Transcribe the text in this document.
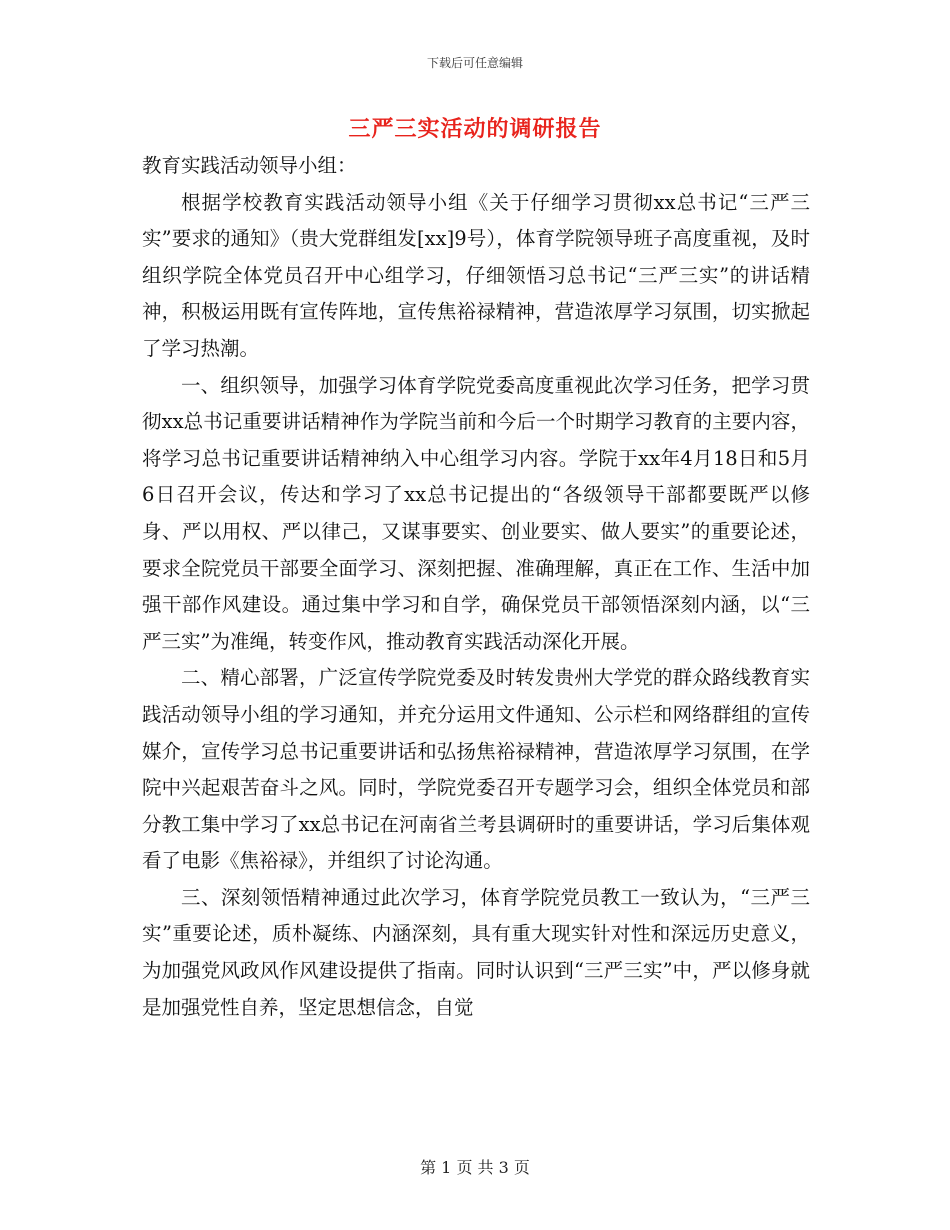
下载后可任意编辑
三严三实活动的调研报告

教育实践活动领导小组：

根据学校教育实践活动领导小组《关于仔细学习贯彻xx总书记“三严三实”要求的通知》（贵大党群组发[xx]9号），体育学院领导班子高度重视，及时组织学院全体党员召开中心组学习，仔细领悟习总书记“三严三实”的讲话精神，积极运用既有宣传阵地，宣传焦裕禄精神，营造浓厚学习氛围，切实掀起了学习热潮。

一、组织领导，加强学习体育学院党委高度重视此次学习任务，把学习贯彻xx总书记重要讲话精神作为学院当前和今后一个时期学习教育的主要内容，将学习总书记重要讲话精神纳入中心组学习内容。学院于xx年4月18日和5月6日召开会议，传达和学习了xx总书记提出的“各级领导干部都要既严以修身、严以用权、严以律己，又谋事要实、创业要实、做人要实”的重要论述，要求全院党员干部要全面学习、深刻把握、准确理解，真正在工作、生活中加强干部作风建设。通过集中学习和自学，确保党员干部领悟深刻内涵，以“三严三实”为准绳，转变作风，推动教育实践活动深化开展。

二、精心部署，广泛宣传学院党委及时转发贵州大学党的群众路线教育实践活动领导小组的学习通知，并充分运用文件通知、公示栏和网络群组的宣传媒介，宣传学习总书记重要讲话和弘扬焦裕禄精神，营造浓厚学习氛围，在学院中兴起艰苦奋斗之风。同时，学院党委召开专题学习会，组织全体党员和部分教工集中学习了xx总书记在河南省兰考县调研时的重要讲话，学习后集体观看了电影《焦裕禄》，并组织了讨论沟通。

三、深刻领悟精神通过此次学习，体育学院党员教工一致认为，“三严三实”重要论述，质朴凝练、内涵深刻，具有重大现实针对性和深远历史意义，为加强党风政风作风建设提供了指南。同时认识到“三严三实”中，严以修身就是加强党性自养，坚定思想信念，自觉

第 1 页 共 3 页
